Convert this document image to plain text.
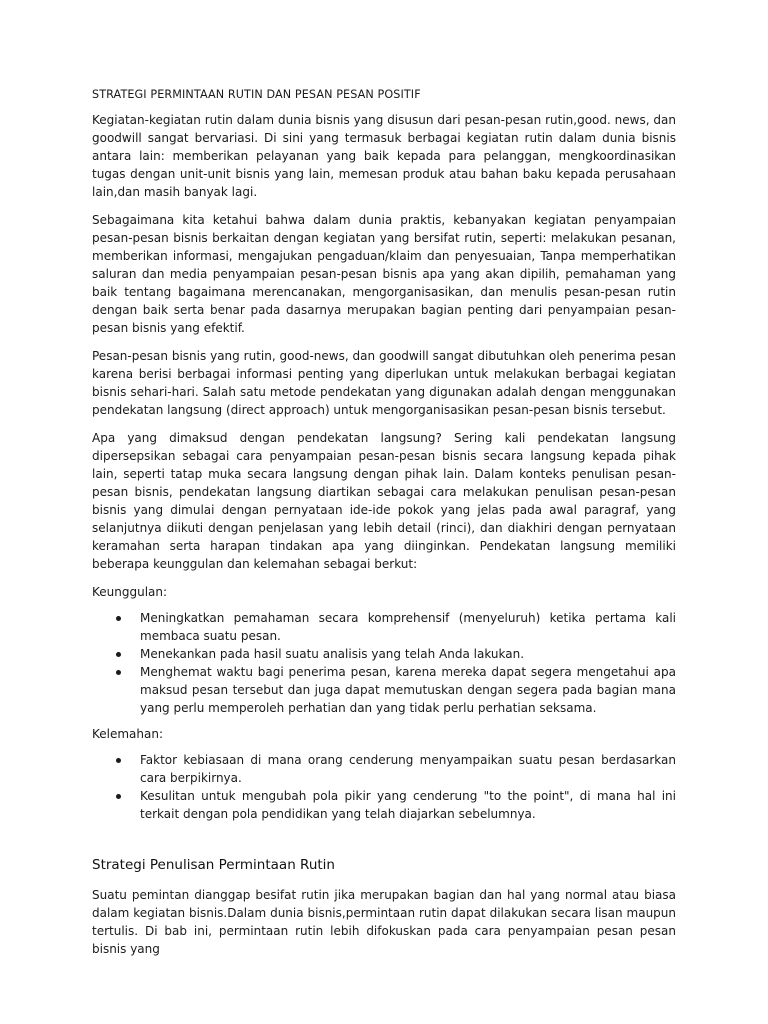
STRATEGI PERMINTAAN RUTIN DAN PESAN PESAN POSITIF

Kegiatan-kegiatan rutin dalam dunia bisnis yang disusun dari pesan-pesan rutin,good. news, dan goodwill sangat bervariasi. Di sini yang termasuk berbagai kegiatan rutin dalam dunia bisnis antara lain: memberikan pelayanan yang baik kepada para pelanggan, mengkoordinasikan tugas dengan unit-unit bisnis yang lain, memesan produk atau bahan baku kepada perusahaan lain,dan masih banyak lagi.

Sebagaimana kita ketahui bahwa dalam dunia praktis, kebanyakan kegiatan penyampaian pesan-pesan bisnis berkaitan dengan kegiatan yang bersifat rutin, seperti: melakukan pesanan, memberikan informasi, mengajukan pengaduan/klaim dan penyesuaian, Tanpa memperhatikan saluran dan media penyampaian pesan-pesan bisnis apa yang akan dipilih, pemahaman yang baik tentang bagaimana merencanakan, mengorganisasikan, dan menulis pesan-pesan rutin dengan baik serta benar pada dasarnya merupakan bagian penting dari penyampaian pesan-pesan bisnis yang efektif.

Pesan-pesan bisnis yang rutin, good-news, dan goodwill sangat dibutuhkan oleh penerima pesan karena berisi berbagai informasi penting yang diperlukan untuk melakukan berbagai kegiatan bisnis sehari-hari. Salah satu metode pendekatan yang digunakan adalah dengan menggunakan pendekatan langsung (direct approach) untuk mengorganisasikan pesan-pesan bisnis tersebut.

Apa yang dimaksud dengan pendekatan langsung? Sering kali pendekatan langsung dipersepsikan sebagai cara penyampaian pesan-pesan bisnis secara langsung kepada pihak lain, seperti tatap muka secara langsung dengan pihak lain. Dalam konteks penulisan pesan-pesan bisnis, pendekatan langsung diartikan sebagai cara melakukan penulisan pesan-pesan bisnis yang dimulai dengan pernyataan ide-ide pokok yang jelas pada awal paragraf, yang selanjutnya diikuti dengan penjelasan yang lebih detail (rinci), dan diakhiri dengan pernyataan keramahan serta harapan tindakan apa yang diinginkan. Pendekatan langsung memiliki beberapa keunggulan dan kelemahan sebagai berkut:

Keunggulan:
Meningkatkan pemahaman secara komprehensif (menyeluruh) ketika pertama kali membaca suatu pesan.
Menekankan pada hasil suatu analisis yang telah Anda lakukan.
Menghemat waktu bagi penerima pesan, karena mereka dapat segera mengetahui apa maksud pesan tersebut dan juga dapat memutuskan dengan segera pada bagian mana yang perlu memperoleh perhatian dan yang tidak perlu perhatian seksama.
Kelemahan:
Faktor kebiasaan di mana orang cenderung menyampaikan suatu pesan berdasarkan cara berpikirnya.
Kesulitan untuk mengubah pola pikir yang cenderung "to the point", di mana hal ini terkait dengan pola pendidikan yang telah diajarkan sebelumnya.
Strategi Penulisan Permintaan Rutin

Suatu pemintan dianggap besifat rutin jika merupakan bagian dan hal yang normal atau biasa dalam kegiatan bisnis.Dalam dunia bisnis,permintaan rutin dapat dilakukan secara lisan maupun tertulis. Di bab ini, permintaan rutin lebih difokuskan pada cara penyampaian pesan pesan bisnis yang
